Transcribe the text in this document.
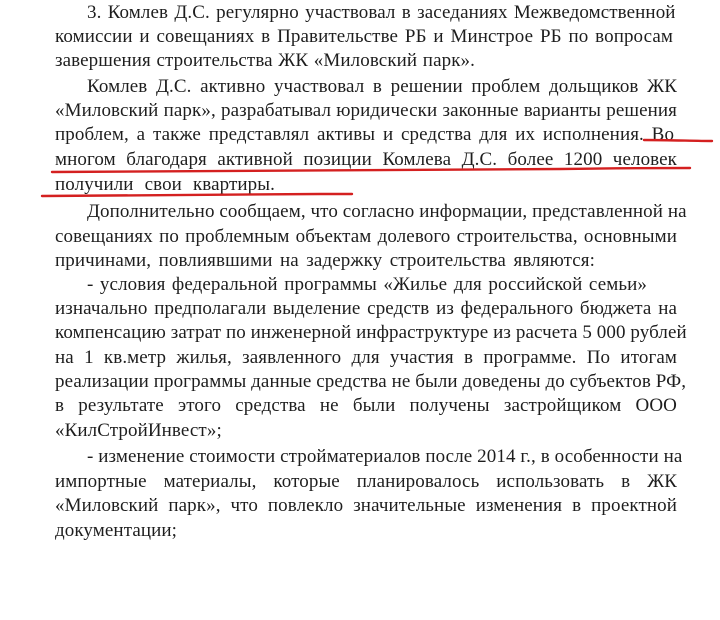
3. Комлев Д.С. регулярно участвовал в заседаниях Межведомственной
комиссии и совещаниях в Правительстве РБ и Минстрое РБ по вопросам
завершения строительства ЖК «Миловский парк».
Комлев Д.С. активно участвовал в решении проблем дольщиков ЖК
«Миловский парк», разрабатывал юридически законные варианты решения
проблем, а также представлял активы и средства для их исполнения. Во
многом благодаря активной позиции Комлева Д.С. более 1200 человек
получили свои квартиры.
Дополнительно сообщаем, что согласно информации, представленной на
совещаниях по проблемным объектам долевого строительства, основными
причинами, повлиявшими на задержку строительства являются:
- условия федеральной программы «Жилье для российской семьи»
изначально предполагали выделение средств из федерального бюджета на
компенсацию затрат по инженерной инфраструктуре из расчета 5 000 рублей
на 1 кв.метр жилья, заявленного для участия в программе. По итогам
реализации программы данные средства не были доведены до субъектов РФ,
в результате этого средства не были получены застройщиком ООО
«КилСтройИнвест»;
- изменение стоимости стройматериалов после 2014 г., в особенности на
импортные материалы, которые планировалось использовать в ЖК
«Миловский парк», что повлекло значительные изменения в проектной
документации;
